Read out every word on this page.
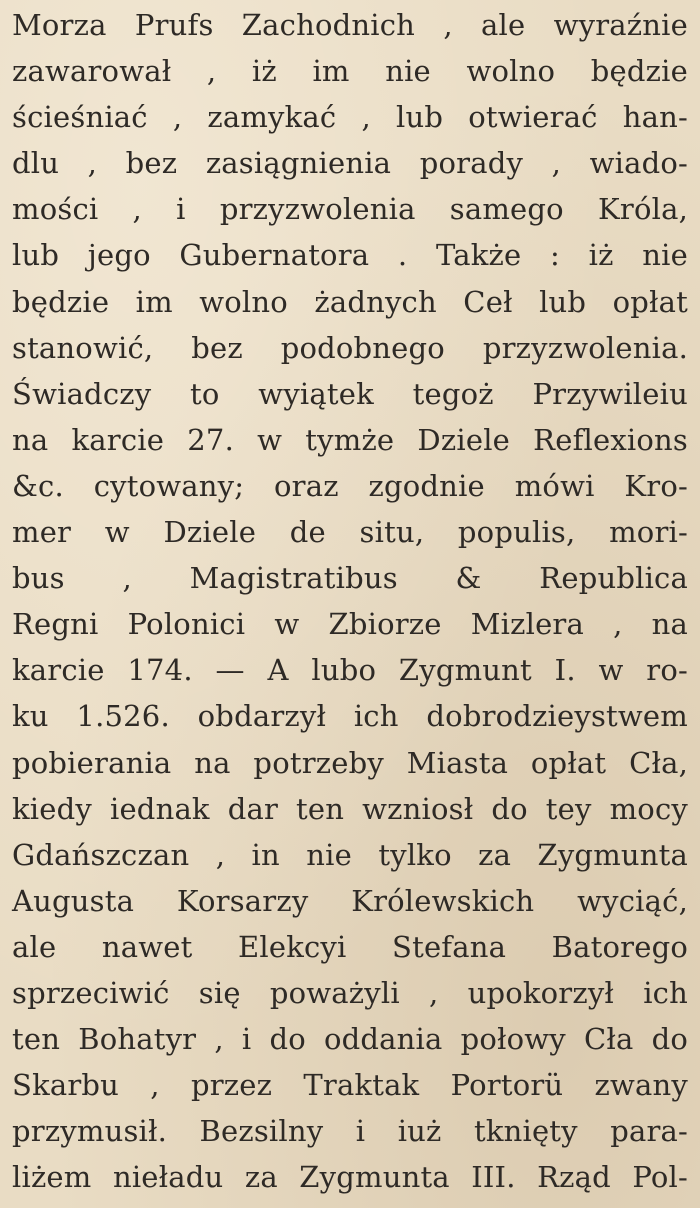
Morza Prufs Zachodnich , ale wyraźnie
zawarował , iż im nie wolno będzie
ścieśniać , zamykać , lub otwierać han-
dlu , bez zasiągnienia porady , wiado-
mości , i przyzwolenia samego Króla,
lub jego Gubernatora . Także : iż nie
będzie im wolno żadnych Ceł lub opłat
stanowić, bez podobnego przyzwolenia.
Świadczy to wyiątek tegoż Przywileiu
na karcie 27. w tymże Dziele Reflexions
&c. cytowany; oraz zgodnie mówi Kro-
mer w Dziele de situ, populis, mori-
bus , Magistratibus & Republica
Regni Polonici w Zbiorze Mizlera , na
karcie 174. — A lubo Zygmunt I. w ro-
ku 1.526. obdarzył ich dobrodzieystwem
pobierania na potrzeby Miasta opłat Cła,
kiedy iednak dar ten wzniosł do tey mocy
Gdańszczan , in nie tylko za Zygmunta
Augusta Korsarzy Królewskich wyciąć,
ale nawet Elekcyi Stefana Batorego
sprzeciwić się poważyli , upokorzył ich
ten Bohatyr , i do oddania połowy Cła do
Skarbu , przez Traktak Portorü zwany
przymusił. Bezsilny i iuż tknięty para-
liżem nieładu za Zygmunta III. Rząd Pol-
